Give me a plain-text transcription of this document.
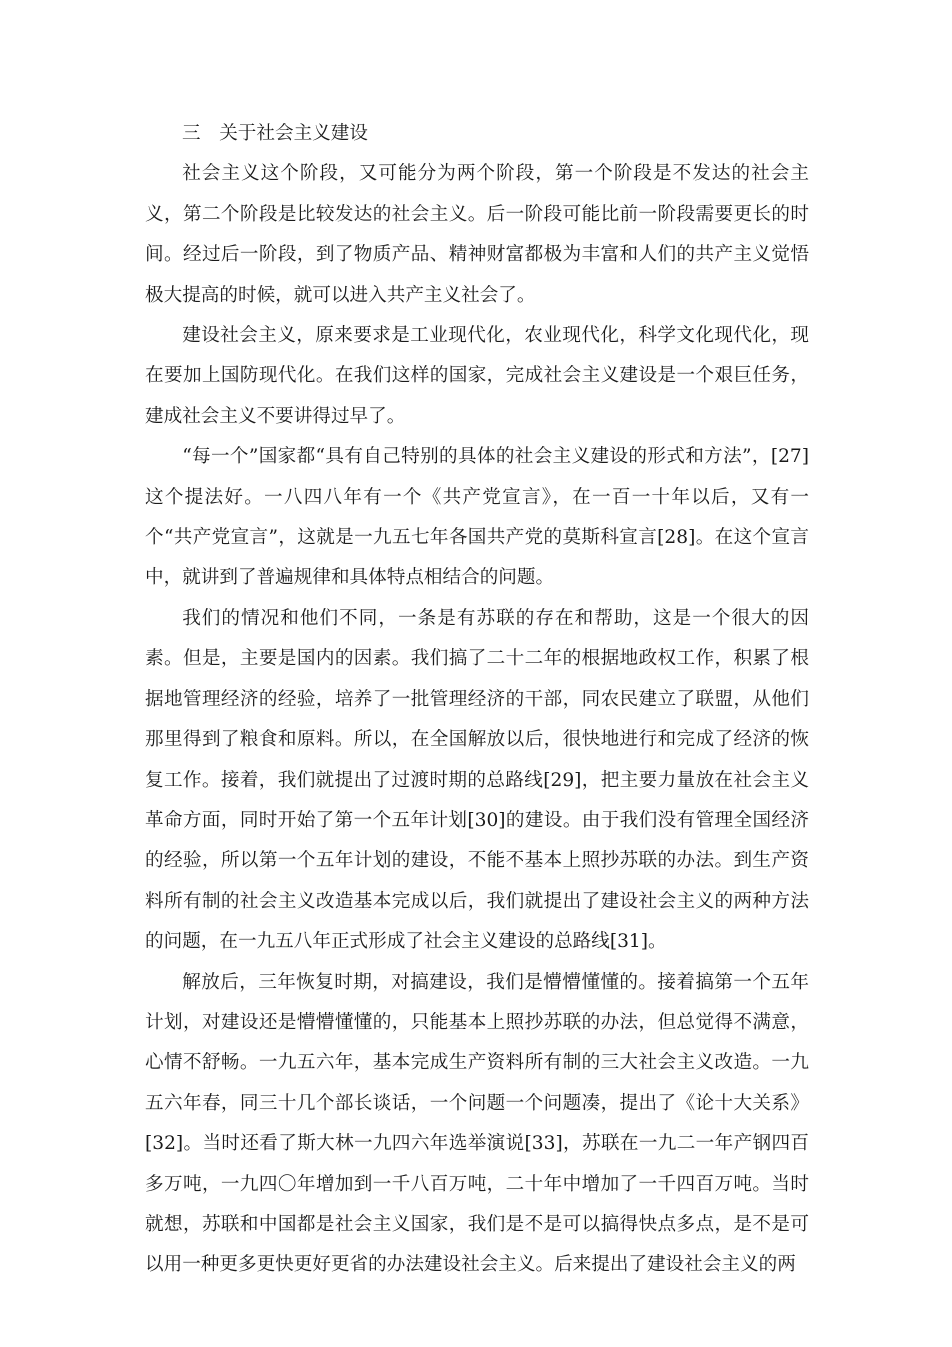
三　关于社会主义建设

社会主义这个阶段，又可能分为两个阶段，第一个阶段是不发达的社会主义，第二个阶段是比较发达的社会主义。后一阶段可能比前一阶段需要更长的时间。经过后一阶段，到了物质产品、精神财富都极为丰富和人们的共产主义觉悟极大提高的时候，就可以进入共产主义社会了。

建设社会主义，原来要求是工业现代化，农业现代化，科学文化现代化，现在要加上国防现代化。在我们这样的国家，完成社会主义建设是一个艰巨任务，建成社会主义不要讲得过早了。

“每一个”国家都“具有自己特别的具体的社会主义建设的形式和方法”，[27]这个提法好。一八四八年有一个《共产党宣言》，在一百一十年以后，又有一个“共产党宣言”，这就是一九五七年各国共产党的莫斯科宣言[28]。在这个宣言中，就讲到了普遍规律和具体特点相结合的问题。

我们的情况和他们不同，一条是有苏联的存在和帮助，这是一个很大的因素。但是，主要是国内的因素。我们搞了二十二年的根据地政权工作，积累了根据地管理经济的经验，培养了一批管理经济的干部，同农民建立了联盟，从他们那里得到了粮食和原料。所以，在全国解放以后，很快地进行和完成了经济的恢复工作。接着，我们就提出了过渡时期的总路线[29]，把主要力量放在社会主义革命方面，同时开始了第一个五年计划[30]的建设。由于我们没有管理全国经济的经验，所以第一个五年计划的建设，不能不基本上照抄苏联的办法。到生产资料所有制的社会主义改造基本完成以后，我们就提出了建设社会主义的两种方法的问题，在一九五八年正式形成了社会主义建设的总路线[31]。

解放后，三年恢复时期，对搞建设，我们是懵懵懂懂的。接着搞第一个五年计划，对建设还是懵懵懂懂的，只能基本上照抄苏联的办法，但总觉得不满意，心情不舒畅。一九五六年，基本完成生产资料所有制的三大社会主义改造。一九五六年春，同三十几个部长谈话，一个问题一个问题凑，提出了《论十大关系》[32]。当时还看了斯大林一九四六年选举演说[33]，苏联在一九二一年产钢四百多万吨，一九四〇年增加到一千八百万吨，二十年中增加了一千四百万吨。当时就想，苏联和中国都是社会主义国家，我们是不是可以搞得快点多点，是不是可以用一种更多更快更好更省的办法建设社会主义。后来提出了建设社会主义的两
